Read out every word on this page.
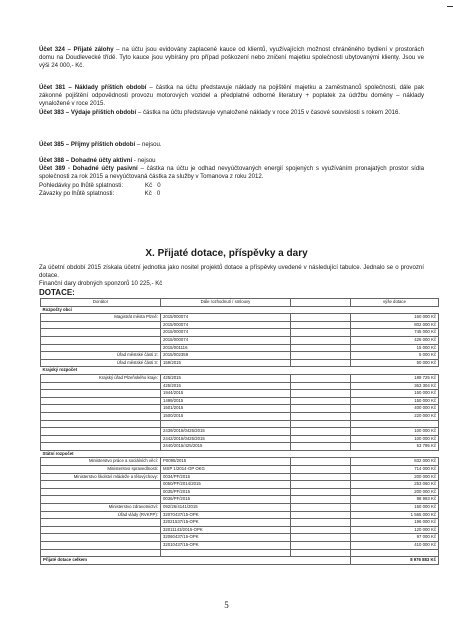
Účet 324 – Přijaté zálohy – na účtu jsou evidovány zaplacené kauce od klientů, využívajících možnost chráněného bydlení v prostorách domu na Doudlevecké třídě. Tyto kauce jsou vybírány pro případ poškození nebo zničení majetku společnosti ubytovanými klienty. Jsou ve výši 24 000,- Kč.

Účet 381 – Náklady příštích období – částka na účtu představuje náklady na pojištění majetku a zaměstnanců společnosti, dále pak zákonné pojištění odpovědnosti provozu motorových vozidel a předplatné odborné literatury + poplatek za údržbu domény – náklady vynaložené v roce 2015.
Účet 383 – Výdaje příštích období – částka na účtu představuje vynaložené náklady v roce 2015 v časové souvislosti s rokem 2016.

Účet 385 – Příjmy příštích období – nejsou.

Účet 388 – Dohadné účty aktivní - nejsou
Účet 389 - Dohadné účty pasivní – částka na účtu je odhad nevyúčtovaných energií spojených s využíváním pronajatých prostor sídla společnosti za rok 2015 a nevyúčtovaná částka za služby v Tomanova z roku 2012.
Pohledávky po lhůtě splatnosti:             Kč   0
Závazky po lhůtě splatnosti:                  Kč   0

X. Přijaté dotace, příspěvky a dary

Za účetní období 2015 získala účetní jednotka jako nositel projektů dotace a příspěvky uvedené v následující tabulce. Jednalo se o provozní dotace.

Finanční dary drobných sponzorů 10 225,- Kč

DOTACE:
Donátor	Dále rozhodnutí / smlouvy		výše dotace
Rozpočty obcí			
Magistrát města Plzně:	2015/000074		160 000 Kč
	2015/000074		802 000 Kč
	2015/000074		745 000 Kč
	2015/000074		426 000 Kč
	2015/001116		15 000 Kč
Úřad městské části 2:	2015/002359		5 000 Kč
Úřad městské části 3:	159/2015		50 000 Kč
Krajský rozpočet			
Krajský úřad Plzeňského kraje:	425/2015		189 725 Kč
	425/2015		363 304 Kč
	1944/2015		150 000 Kč
	1499/2015		150 000 Kč
	1501/2015		400 000 Kč
	1500/2015		220 000 Kč

	2439/2015/0425/2015		100 000 Kč
	2442/2015/0425/2015		100 000 Kč
	2440/2015/425/2015		53 795 Kč
Státní rozpočet			
Ministerstvo práce a sociálních věcí:	P0095/2015		832 000 Kč
Ministerstvo spravedlnosti:	MSP 1/2014-OP OKG		714 000 Kč
Ministerstvo školství mládeže a tělovýchovy:	0034/PF/2015		200 000 Kč
	0050/PF/2014/2015		253 060 Kč
	0035/PF/2015		200 000 Kč
	0036/PF/2015		98 993 Kč
Ministerstvo zdravotnictví:	092/26/4141/2015		150 000 Kč
Úřad vlády (RVKPP):	32070437/15-OPK		1 565 000 Kč
	32021537/15-OPK		196 000 Kč
	32011143/2015-OPK		120 000 Kč
	32060437/15-OPK		97 000 Kč
	32010437/15-OPK		410 000 Kč

Přijaté dotace celkem			8 976 883 Kč
5
